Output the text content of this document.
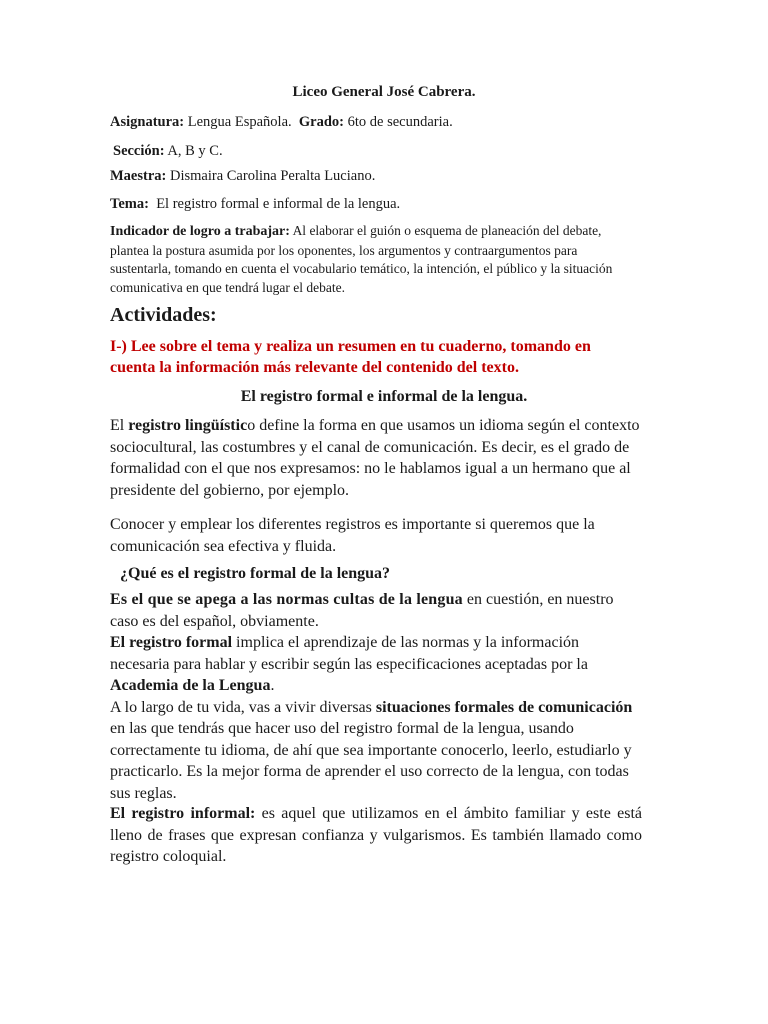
Liceo General José Cabrera.
Asignatura: Lengua Española. Grado: 6to de secundaria.
Sección: A, B y C.
Maestra: Dismaira Carolina Peralta Luciano.
Tema: El registro formal e informal de la lengua.
Indicador de logro a trabajar: Al elaborar el guión o esquema de planeación del debate, plantea la postura asumida por los oponentes, los argumentos y contraargumentos para sustentarla, tomando en cuenta el vocabulario temático, la intención, el público y la situación comunicativa en que tendrá lugar el debate.
Actividades:
I-) Lee sobre el tema y realiza un resumen en tu cuaderno, tomando en cuenta la información más relevante del contenido del texto.
El registro formal e informal de la lengua.
El registro lingüístico define la forma en que usamos un idioma según el contexto sociocultural, las costumbres y el canal de comunicación. Es decir, es el grado de formalidad con el que nos expresamos: no le hablamos igual a un hermano que al presidente del gobierno, por ejemplo.
Conocer y emplear los diferentes registros es importante si queremos que la comunicación sea efectiva y fluida.
¿Qué es el registro formal de la lengua?
Es el que se apega a las normas cultas de la lengua en cuestión, en nuestro caso es del español, obviamente.
El registro formal implica el aprendizaje de las normas y la información necesaria para hablar y escribir según las especificaciones aceptadas por la Academia de la Lengua.
A lo largo de tu vida, vas a vivir diversas situaciones formales de comunicación en las que tendrás que hacer uso del registro formal de la lengua, usando correctamente tu idioma, de ahí que sea importante conocerlo, leerlo, estudiarlo y practicarlo. Es la mejor forma de aprender el uso correcto de la lengua, con todas sus reglas.
El registro informal: es aquel que utilizamos en el ámbito familiar y este está lleno de frases que expresan confianza y vulgarismos. Es también llamado como registro coloquial.
